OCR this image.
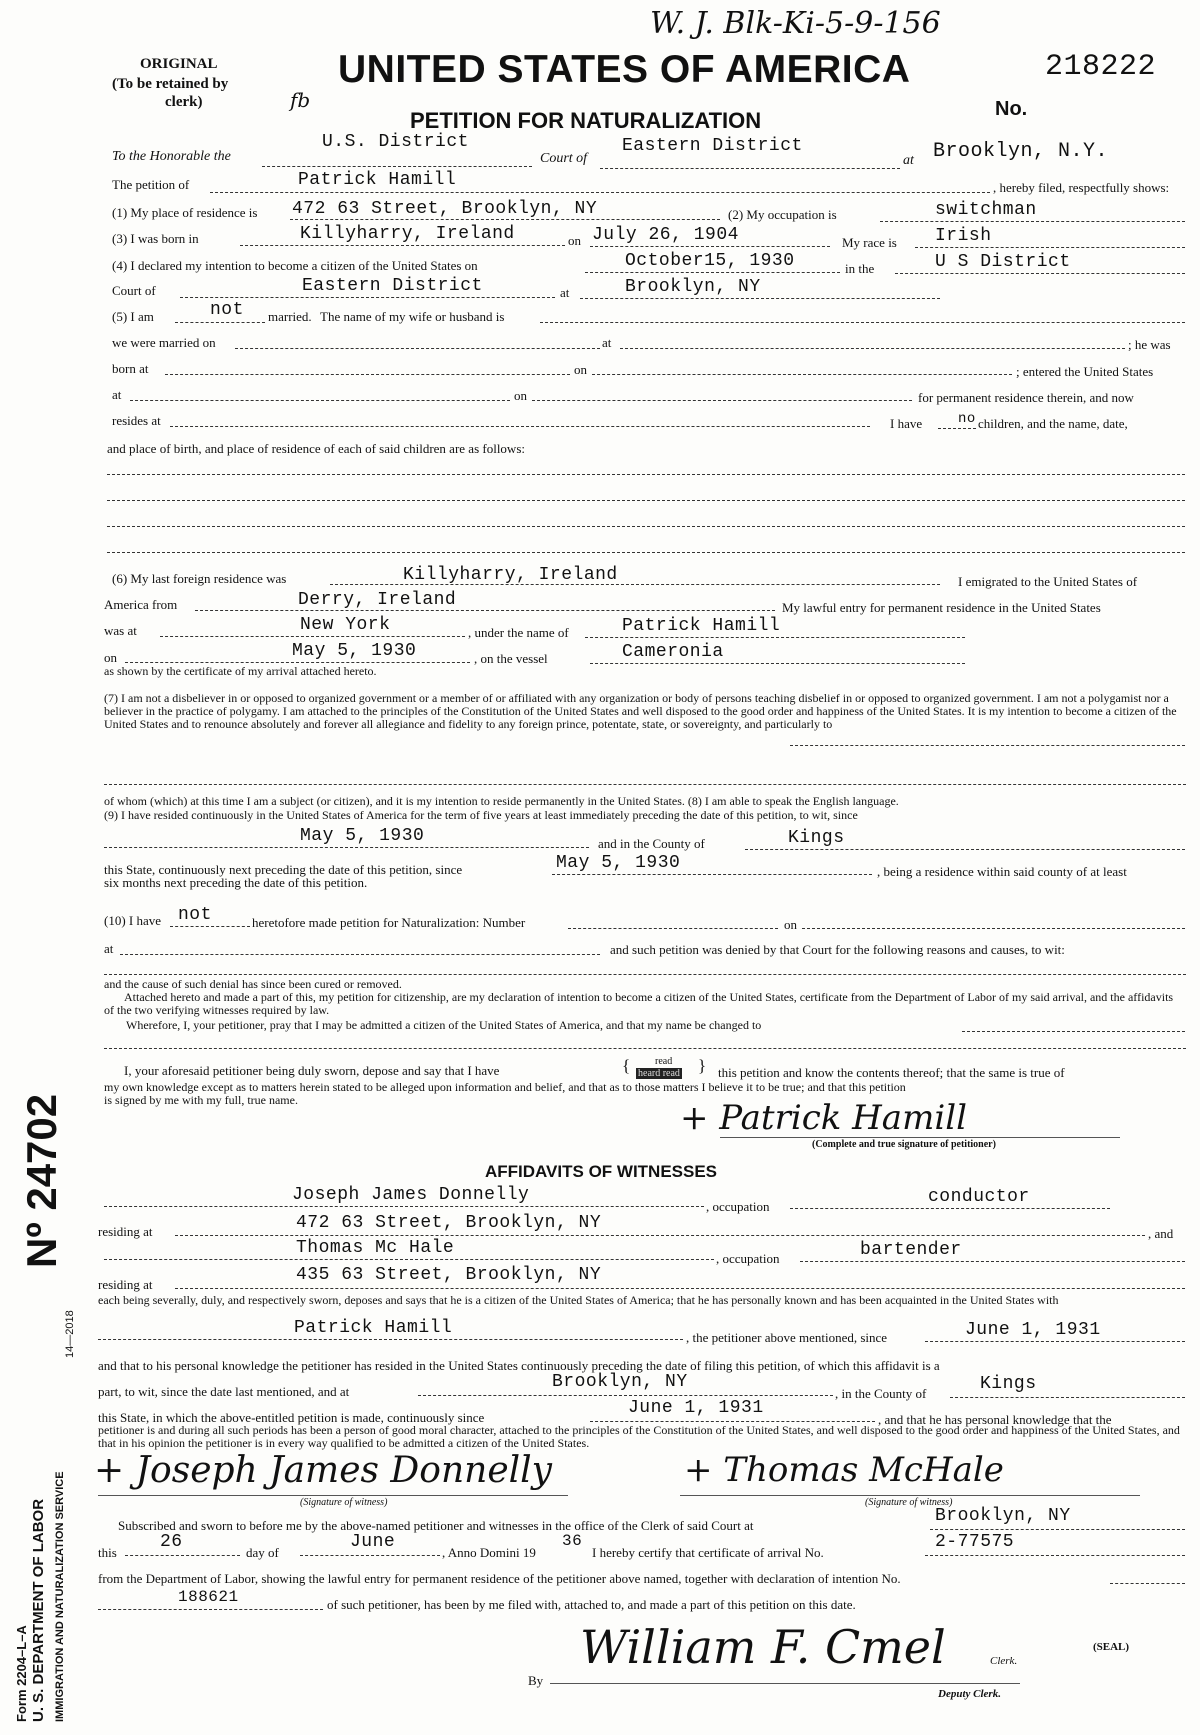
W. J. Blk-Ki-5-9-156
ORIGINAL
(To be retained by
clerk)	fb
UNITED STATES OF AMERICA
PETITION FOR NATURALIZATION
218222
No.
To the Honorable the
U.S. District
Court of
Eastern District
at Brooklyn, N.Y.
The petition of	Patrick Hamill	, hereby filed, respectfully shows:
(1) My place of residence is 472 63 Street, Brooklyn, NY	(2) My occupation is	switchman
(3) I was born in	Killyharry, Ireland	on July 26, 1904	My race is Irish
(4) I declared my intention to become a citizen of the United States on	October15, 1930	in the	U S District
Court of	Eastern District	at	Brooklyn, NY
(5) I am	not married. The name of my wife or husband is
we were married on	at	; he was
born at	on	; entered the United States
at	on	for permanent residence therein, and now
resides at	I have	no children, and the name, date,
and place of birth, and place of residence of each of said children are as follows:
(6) My last foreign residence was	Killyharry, Ireland	I emigrated to the United States of
America from	Derry, Ireland	My lawful entry for permanent residence in the United States
was at	New York	, under the name of	Patrick Hamill
on	May 5, 1930	, on the vessel	Cameronia
as shown by the certificate of my arrival attached hereto.
(7) I am not a disbeliever in or opposed to organized government or a member of or affiliated with any organization or body of persons teaching disbelief in or opposed to organized government. I am not a polygamist nor a believer in the practice of polygamy. I am attached to the principles of the Constitution of the United States and well disposed to the good order and happiness of the United States. It is my intention to become a citizen of the United States and to renounce absolutely and forever all allegiance and fidelity to any foreign prince, potentate, state, or sovereignty, and particularly to
of whom (which) at this time I am a subject (or citizen), and it is my intention to reside permanently in the United States. (8) I am able to speak the English language.
(9) I have resided continuously in the United States of America for the term of five years at least immediately preceding the date of this petition, to wit, since
May 5, 1930	and in the County of	Kings
this State, continuously next preceding the date of this petition, since	May 5, 1930	, being a residence within said county of at least
six months next preceding the date of this petition.
(10) I have not	heretofore made petition for Naturalization: Number	on
at	and such petition was denied by that Court for the following reasons and causes, to wit:
and the cause of such denial has since been cured or removed.
Attached hereto and made a part of this, my petition for citizenship, are my declaration of intention to become a citizen of the United States, certificate from the Department of Labor of my said arrival, and the affidavits of the two verifying witnesses required by law.
Wherefore, I, your petitioner, pray that I may be admitted a citizen of the United States of America, and that my name be changed to
I, your aforesaid petitioner being duly sworn, depose and say that I have	{ read
heard read } this petition and know the contents thereof; that the same is true of
my own knowledge except as to matters herein stated to be alleged upon information and belief, and that as to those matters I believe it to be true; and that this petition
is signed by me with my full, true name.	+ Patrick Hamill
(Complete and true signature of petitioner)
AFFIDAVITS OF WITNESSES
Joseph James Donnelly
, occupation	conductor
residing at	472 63 Street, Brooklyn, NY
, and
Thomas Mc Hale
, occupation	bartender
residing at	435 63 Street, Brooklyn, NY
each being severally, duly, and respectively sworn, deposes and says that he is a citizen of the United States of America; that he has personally known and has been acquainted in the United States with
Patrick Hamill	, the petitioner above mentioned, since	June 1, 1931
and that to his personal knowledge the petitioner has resided in the United States continuously preceding the date of filing this petition, of which this affidavit is a
part, to wit, since the date last mentioned, and at	Brooklyn, NY
, in the County of	Kings
this State, in which the above-entitled petition is made, continuously since	June 1, 1931
, and that he has personal knowledge that the
petitioner is and during all such periods has been a person of good moral character, attached to the principles of the Constitution of the United States, and well disposed to the good order and happiness of the United States, and that in his opinion the petitioner is in every way qualified to be admitted a citizen of the United States.
+ Joseph James Donnelly
(Signature of witness)
+ Thomas McHale
(Signature of witness)
Subscribed and sworn to before me by the above-named petitioner and witnesses in the office of the Clerk of said Court at	Brooklyn, NY
this
26
day of
June
, Anno Domini 19
36
I hereby certify that certificate of arrival No.
2-77575
from the Department of Labor, showing the lawful entry for permanent residence of the petitioner above named, together with declaration of intention No.
188621	of such petitioner, has been by me filed with, attached to, and made a part of this petition on this date.
William F. Cmel	Clerk.
(SEAL)
By
Deputy Clerk.
Nº 24702
14—2018
Form 2204–L–A U. S. DEPARTMENT OF LABOR IMMIGRATION AND NATURALIZATION SERVICE
